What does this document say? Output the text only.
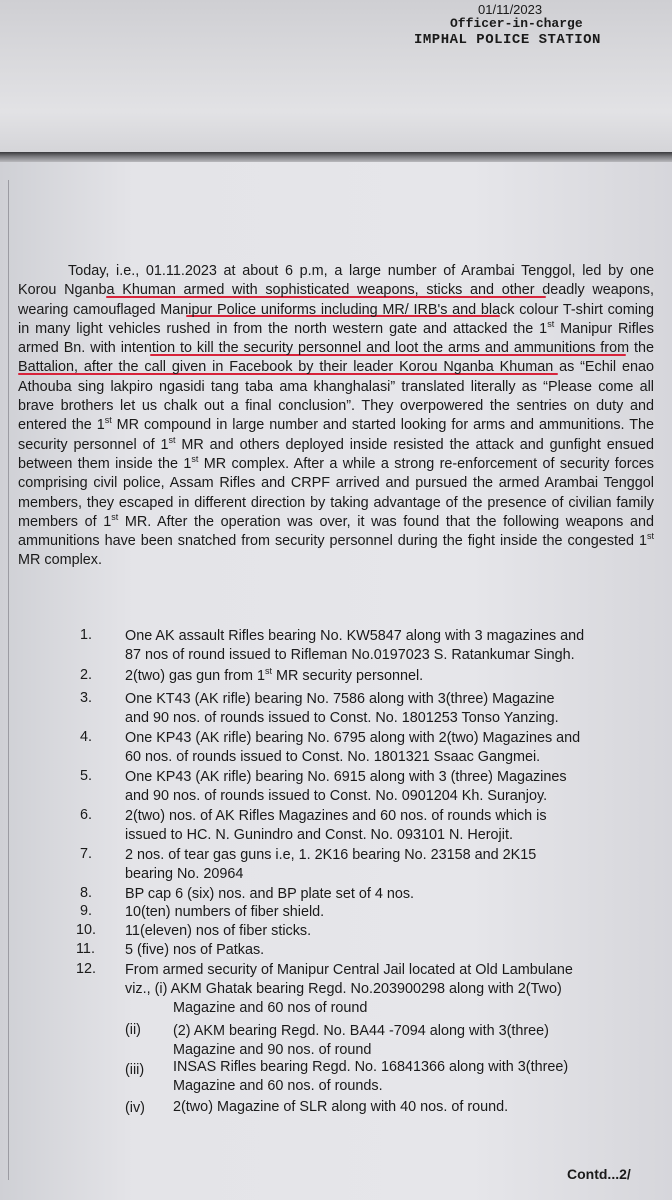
01/11/2023
Officer-in-charge
IMPHAL POLICE STATION
Today, i.e., 01.11.2023 at about 6 p.m, a large number of Arambai Tenggol, led by one Korou Nganba Khuman armed with sophisticated weapons, sticks and other deadly weapons, wearing camouflaged Manipur Police uniforms including MR/ IRB's and black colour T-shirt coming in many light vehicles rushed in from the north western gate and attacked the 1st Manipur Rifles armed Bn. with intention to kill the security personnel and loot the arms and ammunitions from the Battalion, after the call given in Facebook by their leader Korou Nganba Khuman as “Echil enao Athouba sing lakpiro ngasidi tang taba ama khanghalasi” translated literally as “Please come all brave brothers let us chalk out a final conclusion”. They overpowered the sentries on duty and entered the 1st MR compound in large number and started looking for arms and ammunitions. The security personnel of 1st MR and others deployed inside resisted the attack and gunfight ensued between them inside the 1st MR complex. After a while a strong re-enforcement of security forces comprising civil police, Assam Rifles and CRPF arrived and pursued the armed Arambai Tenggol members, they escaped in different direction by taking advantage of the presence of civilian family members of 1st MR. After the operation was over, it was found that the following weapons and ammunitions have been snatched from security personnel during the fight inside the congested 1st MR complex.
1. One AK assault Rifles bearing No. KW5847 along with 3 magazines and
87 nos of round issued to Rifleman No.0197023 S. Ratankumar Singh.
2. 2(two) gas gun from 1st MR security personnel.
3. One KT43 (AK rifle) bearing No. 7586 along with 3(three) Magazine
and 90 nos. of rounds issued to Const. No. 1801253 Tonso Yanzing.
4. One KP43 (AK rifle) bearing No. 6795 along with 2(two) Magazines and
60 nos. of rounds issued to Const. No. 1801321 Ssaac Gangmei.
5. One KP43 (AK rifle) bearing No. 6915 along with 3 (three) Magazines
and 90 nos. of rounds issued to Const. No. 0901204 Kh. Suranjoy.
6. 2(two) nos. of AK Rifles Magazines and 60 nos. of rounds which is
issued to HC. N. Gunindro and Const. No. 093101 N. Herojit.
7. 2 nos. of tear gas guns i.e, 1. 2K16 bearing No. 23158 and 2K15
bearing No. 20964
8. BP cap 6 (six) nos. and BP plate set of 4 nos.
9. 10(ten) numbers of fiber shield.
10. 11(eleven) nos of fiber sticks.
11. 5 (five) nos of Patkas.
12. From armed security of Manipur Central Jail located at Old Lambulane
viz., (i) AKM Ghatak bearing Regd. No.203900298 along with 2(Two)
Magazine and 60 nos of round
(ii) (2) AKM bearing Regd. No. BA44 -7094 along with 3(three)
Magazine and 90 nos. of round
(iii) INSAS Rifles bearing Regd. No. 16841366 along with 3(three)
Magazine and 60 nos. of rounds.
(iv) 2(two) Magazine of SLR along with 40 nos. of round.
Contd...2/
